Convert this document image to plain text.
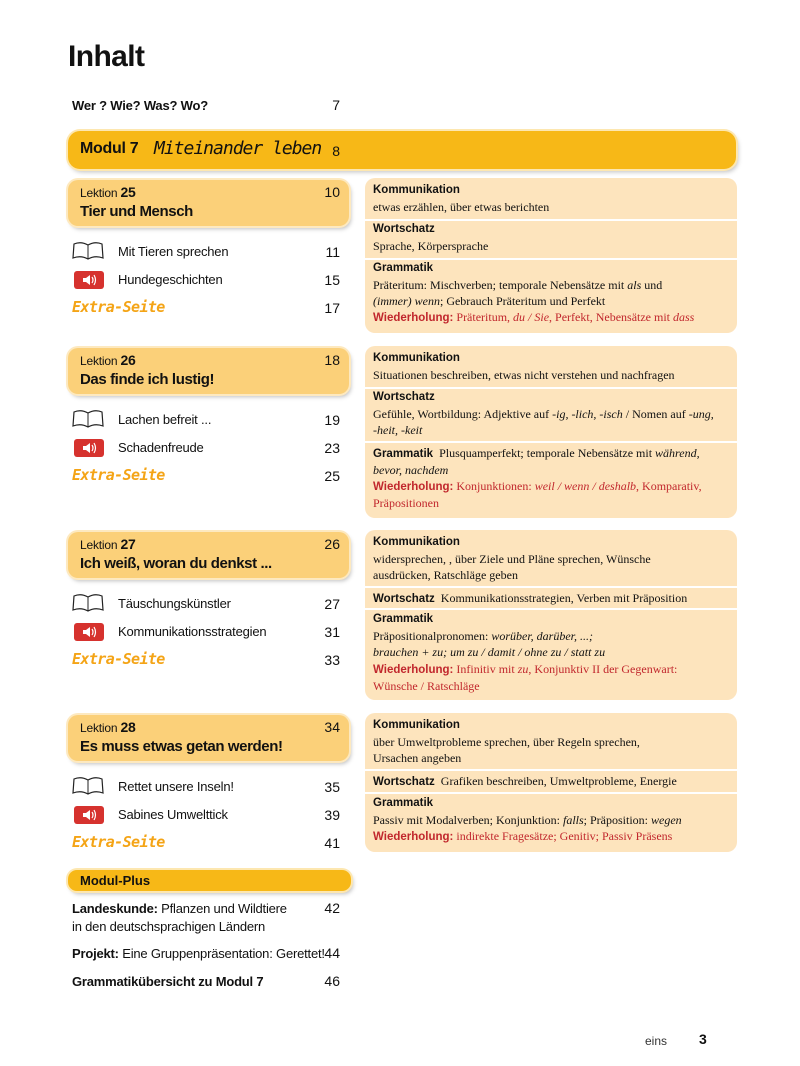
Inhalt
Wer ? Wie? Was? Wo?	7
Modul 7 Miteinander leben 8
Lektion 25
Tier und Mensch
10
Mit Tieren sprechen	11
Hundegeschichten	15
Extra-Seite	17
Kommunikation
etwas erzählen, über etwas berichten
Wortschatz
Sprache, Körpersprache
Grammatik
Präteritum: Mischverben; temporale Nebensätze mit als und
(immer) wenn; Gebrauch Präteritum und Perfekt
Wiederholung: Präteritum, du / Sie, Perfekt, Nebensätze mit dass
Lektion 26
Das finde ich lustig!
18
Lachen befreit ...	19
Schadenfreude	23
Extra-Seite	25
Kommunikation
Situationen beschreiben, etwas nicht verstehen und nachfragen
Wortschatz
Gefühle, Wortbildung: Adjektive auf -ig, -lich, -isch / Nomen auf -ung,
-heit, -keit
Grammatik Plusquamperfekt; temporale Nebensätze mit während,
bevor, nachdem
Wiederholung: Konjunktionen: weil / wenn / deshalb, Komparativ,
Präpositionen
Lektion 27
Ich weiß, woran du denkst ...
26
Täuschungskünstler	27
Kommunikationsstrategien	31
Extra-Seite	33
Kommunikation
widersprechen, , über Ziele und Pläne sprechen, Wünsche
ausdrücken, Ratschläge geben
Wortschatz Kommunikationsstrategien, Verben mit Präposition
Grammatik
Präpositionalpronomen: worüber, darüber, ...;
brauchen + zu; um zu / damit / ohne zu / statt zu
Wiederholung: Infinitiv mit zu, Konjunktiv II der Gegenwart:
Wünsche / Ratschläge
Lektion 28
Es muss etwas getan werden!
34
Rettet unsere Inseln!	35
Sabines Umwelttick	39
Extra-Seite	41
Kommunikation
über Umweltprobleme sprechen, über Regeln sprechen,
Ursachen angeben
Wortschatz Grafiken beschreiben, Umweltprobleme, Energie
Grammatik
Passiv mit Modalverben; Konjunktion: falls; Präposition: wegen
Wiederholung: indirekte Fragesätze; Genitiv; Passiv Präsens
Modul-Plus
Landeskunde: Pflanzen und Wildtiere
in den deutschsprachigen Ländern
42
Projekt: Eine Gruppenpräsentation: Gerettet! 44
Grammatikübersicht zu Modul 7	46
eins 3
